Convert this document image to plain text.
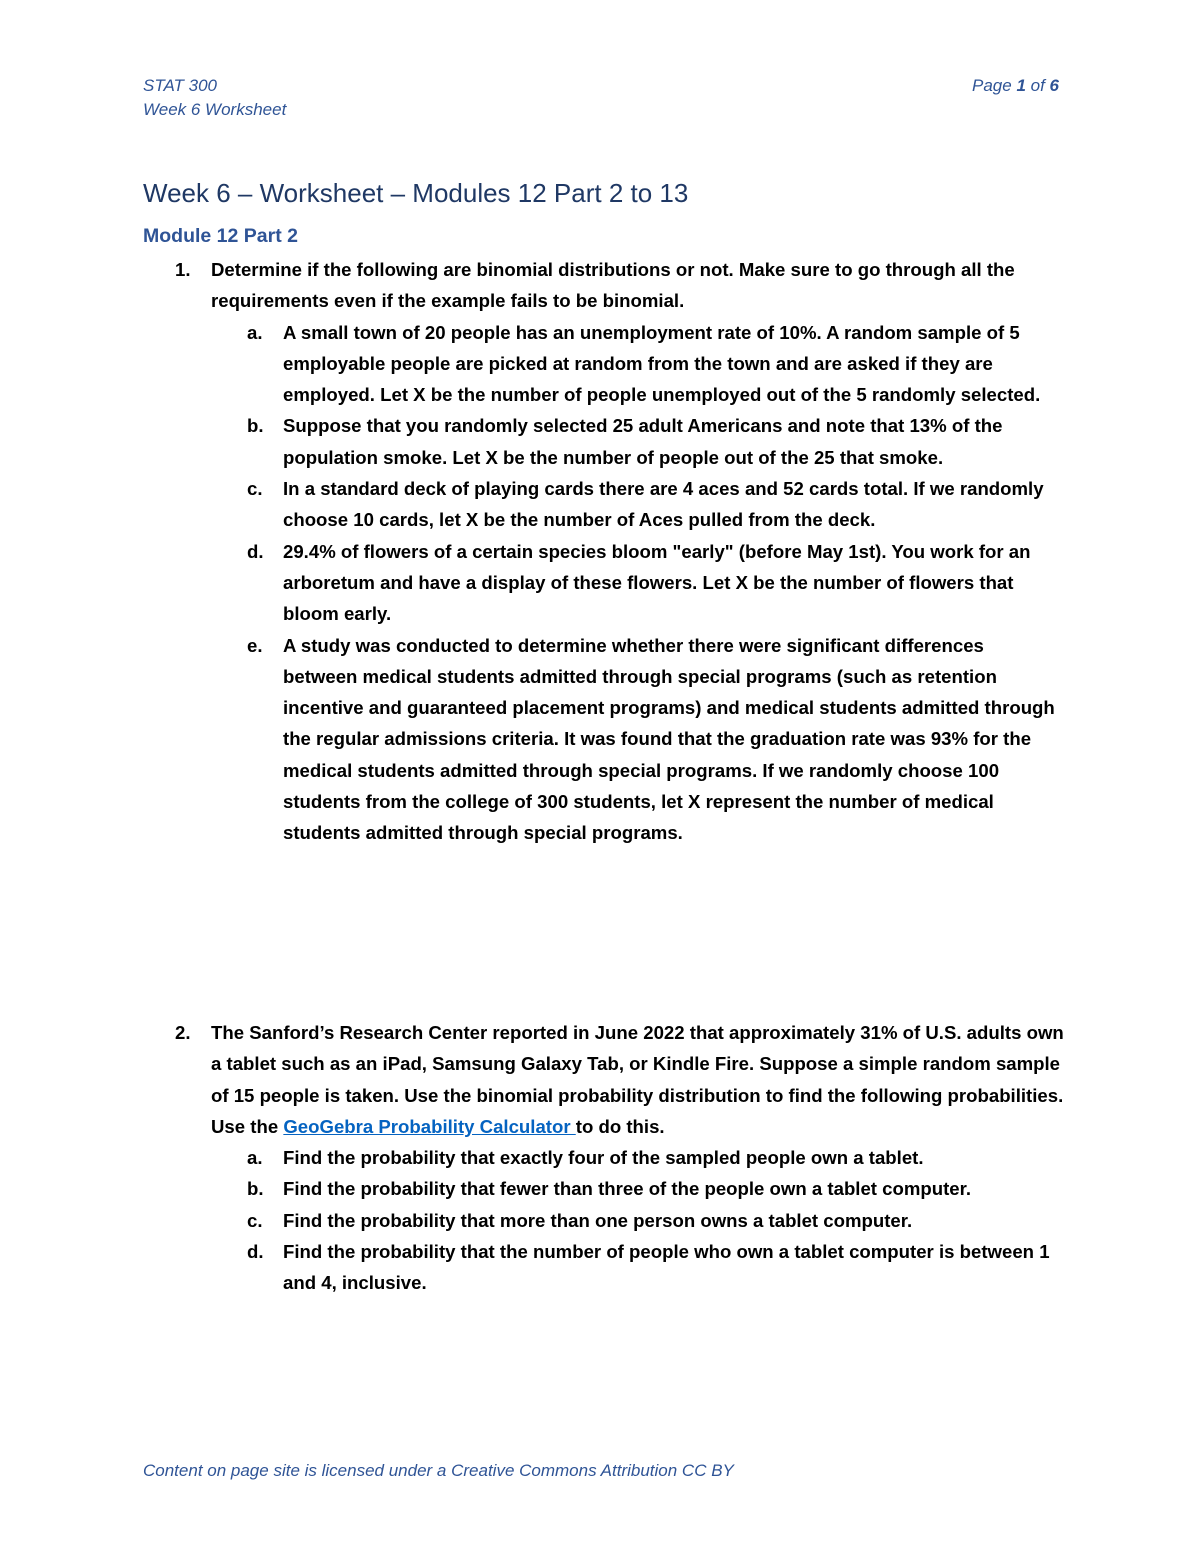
STAT 300
Week 6 Worksheet
Page 1 of 6
Week 6 – Worksheet – Modules 12 Part 2 to 13
Module 12 Part 2
1.	Determine if the following are binomial distributions or not. Make sure to go through all the requirements even if the example fails to be binomial.
a.	A small town of 20 people has an unemployment rate of 10%. A random sample of 5 employable people are picked at random from the town and are asked if they are employed. Let X be the number of people unemployed out of the 5 randomly selected.
b.	Suppose that you randomly selected 25 adult Americans and note that 13% of the population smoke. Let X be the number of people out of the 25 that smoke.
c.	In a standard deck of playing cards there are 4 aces and 52 cards total. If we randomly choose 10 cards, let X be the number of Aces pulled from the deck.
d.	29.4% of flowers of a certain species bloom "early" (before May 1st). You work for an arboretum and have a display of these flowers. Let X be the number of flowers that bloom early.
e.	A study was conducted to determine whether there were significant differences between medical students admitted through special programs (such as retention incentive and guaranteed placement programs) and medical students admitted through the regular admissions criteria. It was found that the graduation rate was 93% for the medical students admitted through special programs. If we randomly choose 100 students from the college of 300 students, let X represent the number of medical students admitted through special programs.
2.	The Sanford’s Research Center reported in June 2022 that approximately 31% of U.S. adults own a tablet such as an iPad, Samsung Galaxy Tab, or Kindle Fire. Suppose a simple random sample of 15 people is taken. Use the binomial probability distribution to find the following probabilities. Use the GeoGebra Probability Calculator to do this.
a.	Find the probability that exactly four of the sampled people own a tablet.
b.	Find the probability that fewer than three of the people own a tablet computer.
c.	Find the probability that more than one person owns a tablet computer.
d.	Find the probability that the number of people who own a tablet computer is between 1 and 4, inclusive.
Content on page site is licensed under a Creative Commons Attribution CC BY
